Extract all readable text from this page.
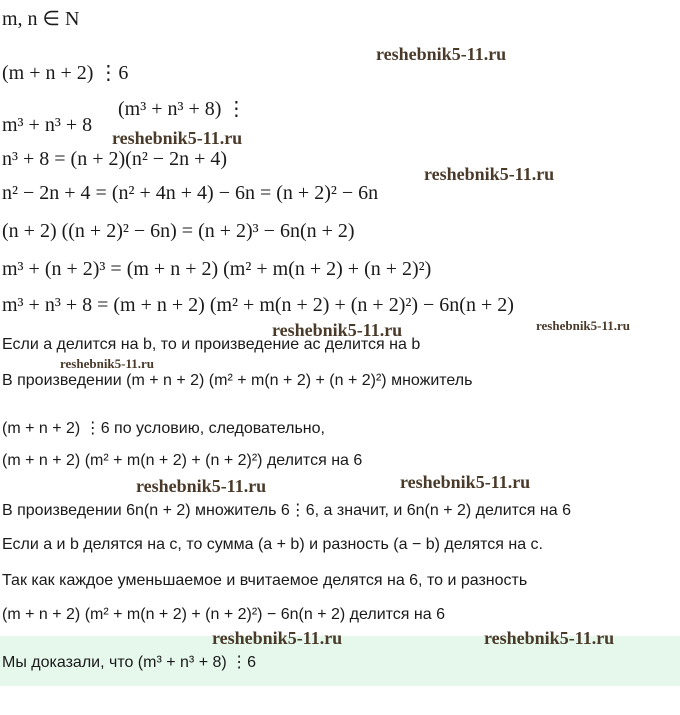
m, n ∈ N
(m + n + 2) ⋮6
(m³ + n³ + 8) ⋮
m³ + n³ + 8
n³ + 8 = (n + 2)(n² − 2n + 4)
n² − 2n + 4 = (n² + 4n + 4) − 6n = (n + 2)² − 6n
(n + 2) ((n + 2)² − 6n) = (n + 2)³ − 6n(n + 2)
m³ + (n + 2)³ = (m + n + 2) (m² + m(n + 2) + (n + 2)²)
m³ + n³ + 8 = (m + n + 2) (m² + m(n + 2) + (n + 2)²) − 6n(n + 2)
Если a делится на b, то и произведение ac делится на b
В произведении (m + n + 2) (m² + m(n + 2) + (n + 2)²) множитель
(m + n + 2) ⋮6 по условию, следовательно,
(m + n + 2) (m² + m(n + 2) + (n + 2)²) делится на 6
В произведении 6n(n + 2) множитель 6⋮6, а значит, и 6n(n + 2) делится на 6
Если a и b делятся на c, то сумма (a + b) и разность (a − b) делятся на c.
Так как каждое уменьшаемое и вчитаемое делятся на 6, то и разность
(m + n + 2) (m² + m(n + 2) + (n + 2)²) − 6n(n + 2) делится на 6
Мы доказали, что (m³ + n³ + 8) ⋮6
reshebnik5-11.ru
reshebnik5-11.ru
reshebnik5-11.ru
reshebnik5-11.ru	reshebnik5-11.ru
reshebnik5-11.ru
reshebnik5-11.ru	reshebnik5-11.ru
reshebnik5-11.ru	reshebnik5-11.ru
